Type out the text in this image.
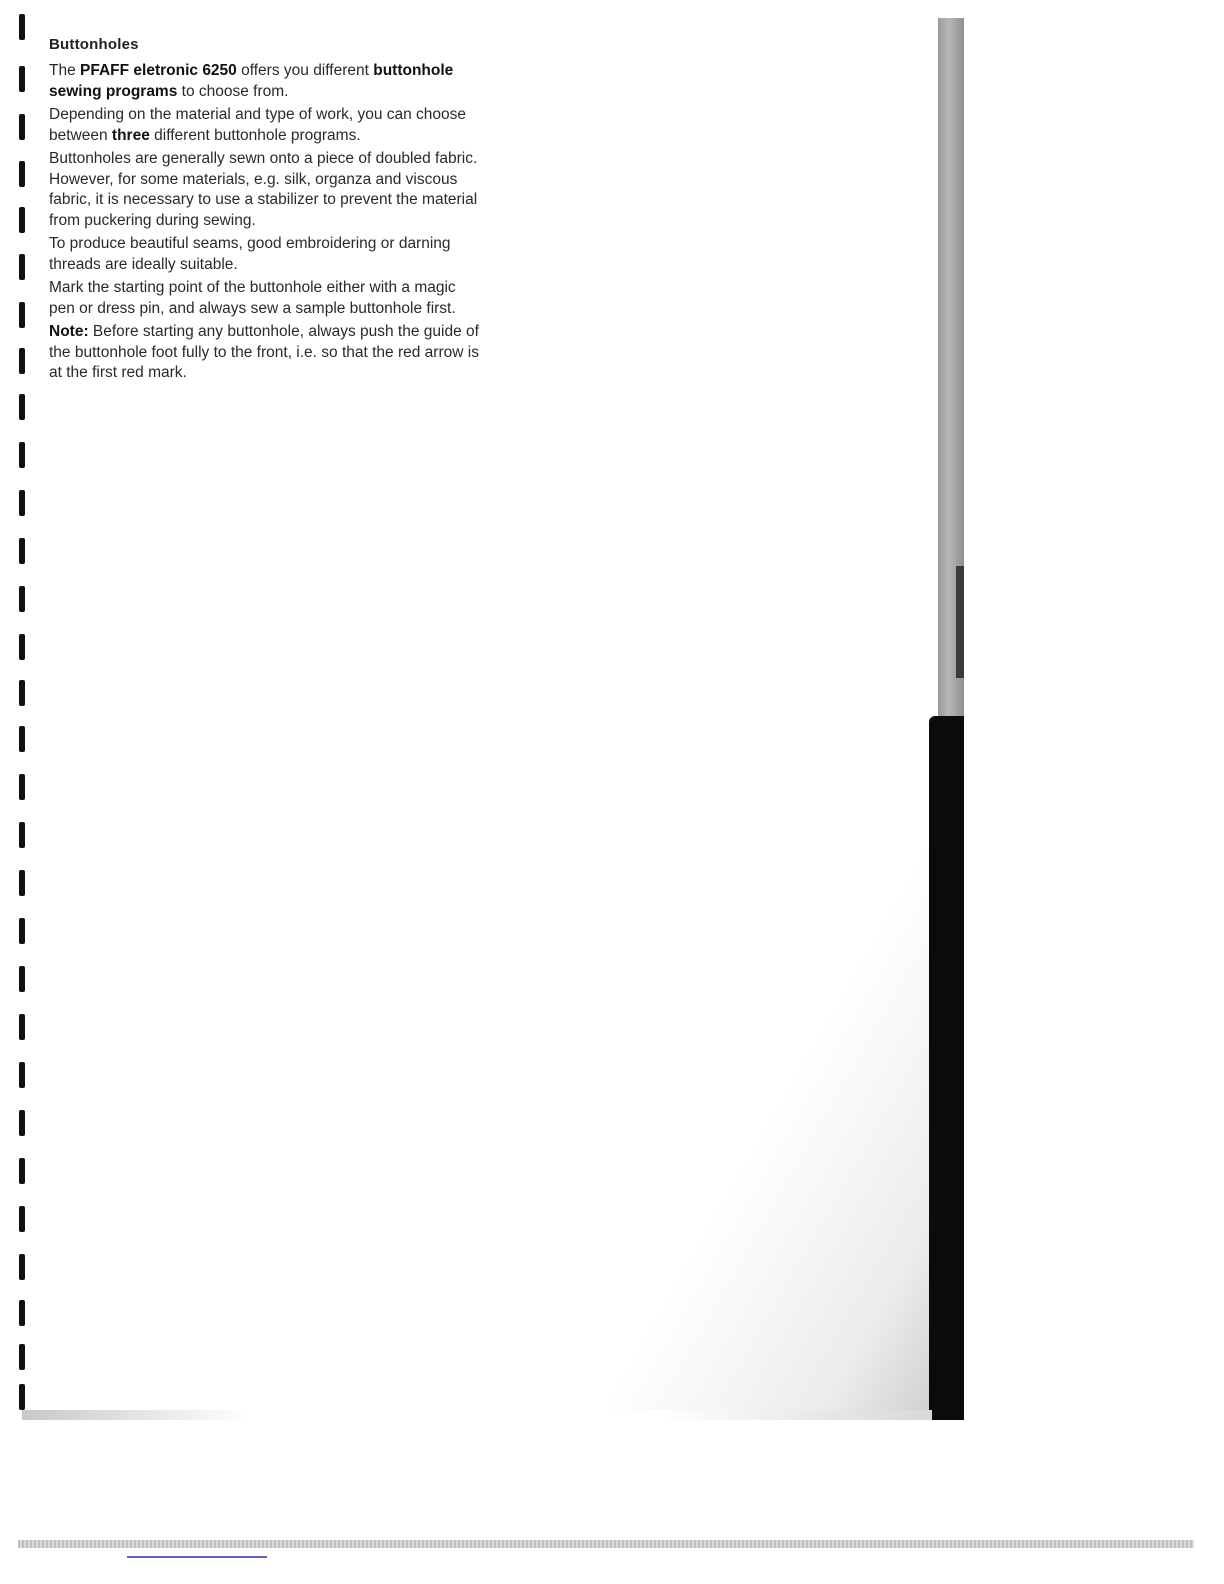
Buttonholes

The PFAFF eletronic 6250 offers you different buttonhole sewing programs to choose from.

Depending on the material and type of work, you can choose between three different buttonhole programs.

Buttonholes are generally sewn onto a piece of doubled fabric. However, for some materials, e.g. silk, organza and viscous fabric, it is necessary to use a stabilizer to prevent the material from puckering during sewing.

To produce beautiful seams, good embroidering or darning threads are ideally suitable.

Mark the starting point of the buttonhole either with a magic pen or dress pin, and always sew a sample buttonhole first.

Note: Before starting any buttonhole, always push the guide of the buttonhole foot fully to the front, i.e. so that the red arrow is at the first red mark.
